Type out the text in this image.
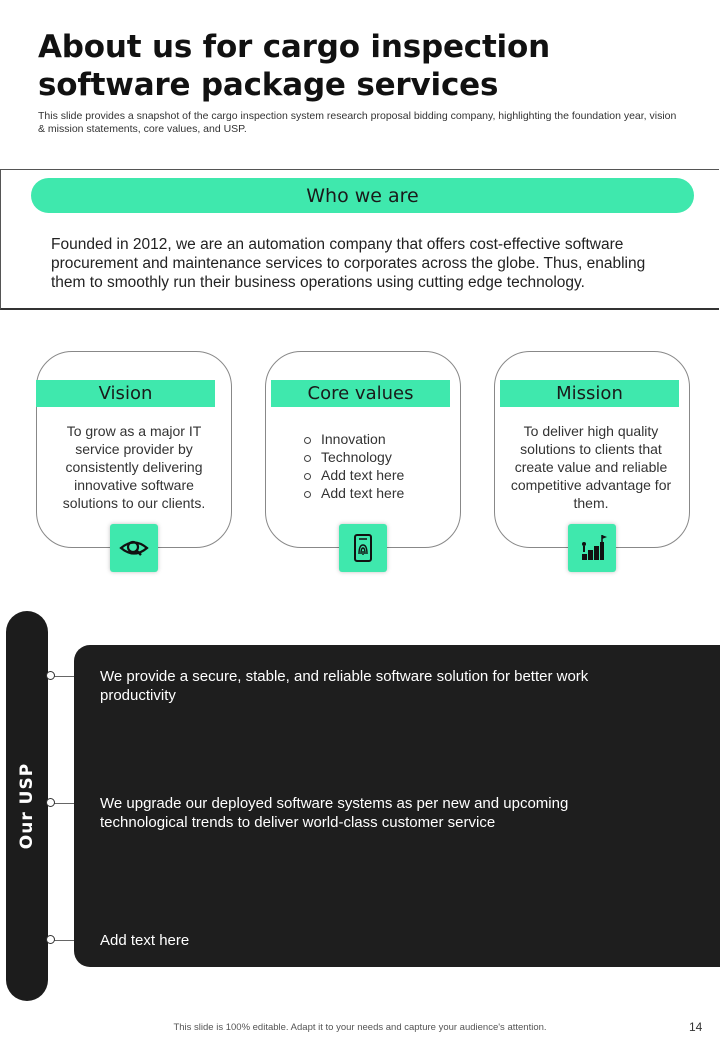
About us for cargo inspection software package services
This slide provides a snapshot of the cargo inspection system research proposal bidding company, highlighting the foundation year, vision & mission statements, core values, and USP.
Who we are
Founded in 2012, we are an automation company that offers cost-effective software procurement and maintenance services to corporates across the globe. Thus, enabling them to smoothly run their business operations using cutting edge technology.
Vision
To grow as a major IT service provider by consistently delivering innovative software solutions to our clients.
Core values
Innovation
Technology
Add text here
Add text here
Mission
To deliver high quality solutions to clients that create value and reliable competitive advantage for them.
Our USP
We provide a secure, stable, and reliable software solution for better work productivity
We upgrade our deployed software systems as per new and upcoming technological trends to deliver world-class customer service
Add text here
This slide is 100% editable. Adapt it to your needs and capture your audience's attention.	14
